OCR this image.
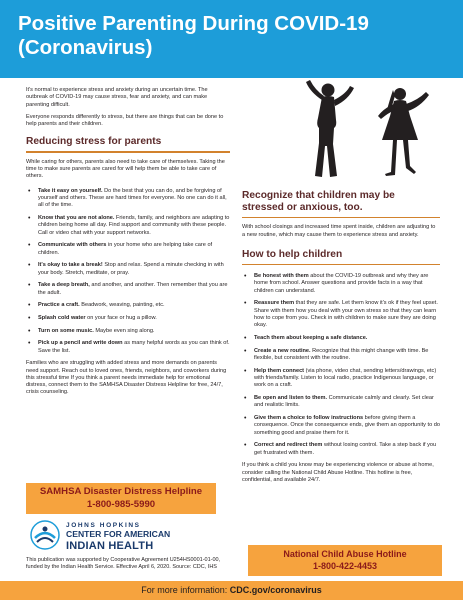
Positive Parenting During COVID-19
(Coronavirus)

It's normal to experience stress and anxiety during an uncertain time. The outbreak of COVID-19 may cause stress, fear and anxiety, and can make parenting difficult.

Everyone responds differently to stress, but there are things that can be done to help parents and their children.

Reducing stress for parents

While caring for others, parents also need to take care of themselves. Taking the time to make sure parents are cared for will help them be able to take care of others.

• Take it easy on yourself. Do the best that you can do, and be forgiving of yourself and others. These are hard times for everyone. No one can do it all, all of the time.
• Know that you are not alone. Friends, family, and neighbors are adapting to children being home all day. Find support and community with these people. Call or video chat with your support networks.
• Communicate with others in your home who are helping take care of children.
• It's okay to take a break! Stop and relax. Spend a minute checking in with your body. Stretch, meditate, or pray.
• Take a deep breath, and another, and another. Then remember that you are the adult.
• Practice a craft. Beadwork, weaving, painting, etc.
• Splash cold water on your face or hug a pillow.
• Turn on some music. Maybe even sing along.
• Pick up a pencil and write down as many helpful words as you can think of. Save the list.

Families who are struggling with added stress and more demands on parents need support. Reach out to loved ones, friends, neighbors, and coworkers during this stressful time If you think a parent needs immediate help for emotional distress, connect them to the SAMHSA Disaster Distress Helpline for free, 24/7, crisis counseling.

SAMHSA Disaster Distress Helpline
1-800-985-5990
JOHNS HOPKINS
CENTER FOR AMERICAN
INDIAN HEALTH

This publication was supported by Cooperative Agreement U254HS0001-01-00, funded by the Indian Health Service. Effective April 6, 2020. Source: CDC, IHS

Recognize that children may be
stressed or anxious, too.

With school closings and increased time spent inside, children are adjusting to a new routine, which may cause them to experience stress and anxiety.

How to help children
• Be honest with them about the COVID-19 outbreak and why they are home from school. Answer questions and provide facts in a way that children can understand.
• Reassure them that they are safe. Let them know it's ok if they feel upset. Share with them how you deal with your own stress so that they can learn how to cope from you. Check in with children to make sure they are doing okay.
• Teach them about keeping a safe distance.
• Create a new routine. Recognize that this might change with time. Be flexible, but consistent with the routine.
• Help them connect (via phone, video chat, sending letters/drawings, etc) with friends/family. Listen to local radio, practice Indigenous language, or work on a craft.
• Be open and listen to them. Communicate calmly and clearly. Set clear and realistic limits.
• Give them a choice to follow instructions before giving them a consequence. Once the consequence ends, give them an opportunity to do something good and praise them for it.
• Correct and redirect them without losing control. Take a step back if you get frustrated with them.

If you think a child you know may be experiencing violence or abuse at home, consider calling the National Child Abuse Hotline. This hotline is free, confidential, and available 24/7.

National Child Abuse Hotline
1-800-422-4453
For more information: CDC.gov/coronavirus
